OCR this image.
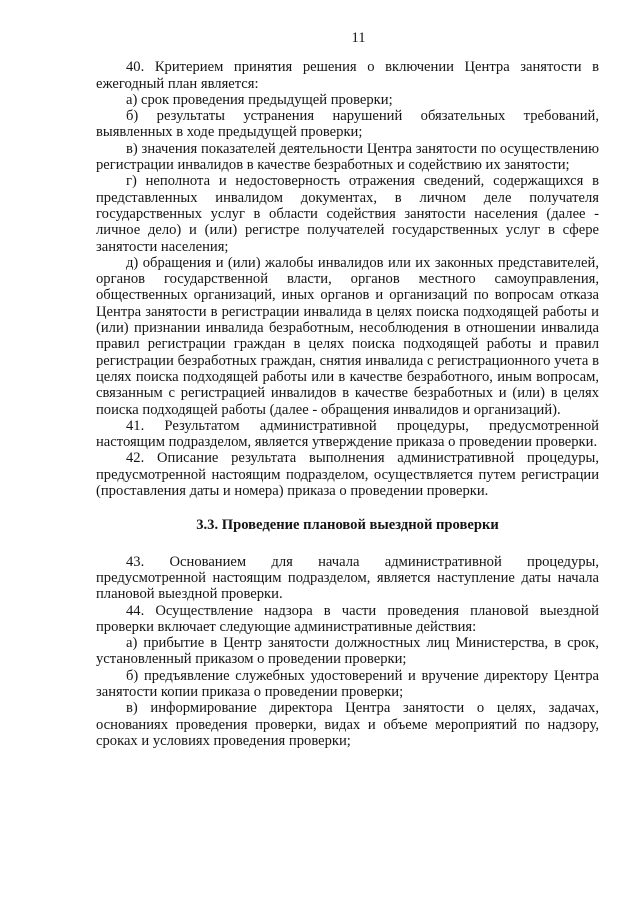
11

40. Критерием принятия решения о включении Центра занятости в ежегодный план является:

а) срок проведения предыдущей проверки;

б) результаты устранения нарушений обязательных требований, выявленных в ходе предыдущей проверки;

в) значения показателей деятельности Центра занятости по осуществлению регистрации инвалидов в качестве безработных и содействию их занятости;

г) неполнота и недостоверность отражения сведений, содержащихся в представленных инвалидом документах, в личном деле получателя государственных услуг в области содействия занятости населения (далее - личное дело) и (или) регистре получателей государственных услуг в сфере занятости населения;

д) обращения и (или) жалобы инвалидов или их законных представителей, органов государственной власти, органов местного самоуправления, общественных организаций, иных органов и организаций по вопросам отказа Центра занятости в регистрации инвалида в целях поиска подходящей работы и (или) признании инвалида безработным, несоблюдения в отношении инвалида правил регистрации граждан в целях поиска подходящей работы и правил регистрации безработных граждан, снятия инвалида с регистрационного учета в целях поиска подходящей работы или в качестве безработного, иным вопросам, связанным с регистрацией инвалидов в качестве безработных и (или) в целях поиска подходящей работы (далее - обращения инвалидов и организаций).

41. Результатом административной процедуры, предусмотренной настоящим подразделом, является утверждение приказа о проведении проверки.

42. Описание результата выполнения административной процедуры, предусмотренной настоящим подразделом, осуществляется путем регистрации (проставления даты и номера) приказа о проведении проверки.

3.3. Проведение плановой выездной проверки

43. Основанием для начала административной процедуры, предусмотренной настоящим подразделом, является наступление даты начала плановой выездной проверки.

44. Осуществление надзора в части проведения плановой выездной проверки включает следующие административные действия:

а) прибытие в Центр занятости должностных лиц Министерства, в срок, установленный приказом о проведении проверки;

б) предъявление служебных удостоверений и вручение директору Центра занятости копии приказа о проведении проверки;

в) информирование директора Центра занятости о целях, задачах, основаниях проведения проверки, видах и объеме мероприятий по надзору, сроках и условиях проведения проверки;
